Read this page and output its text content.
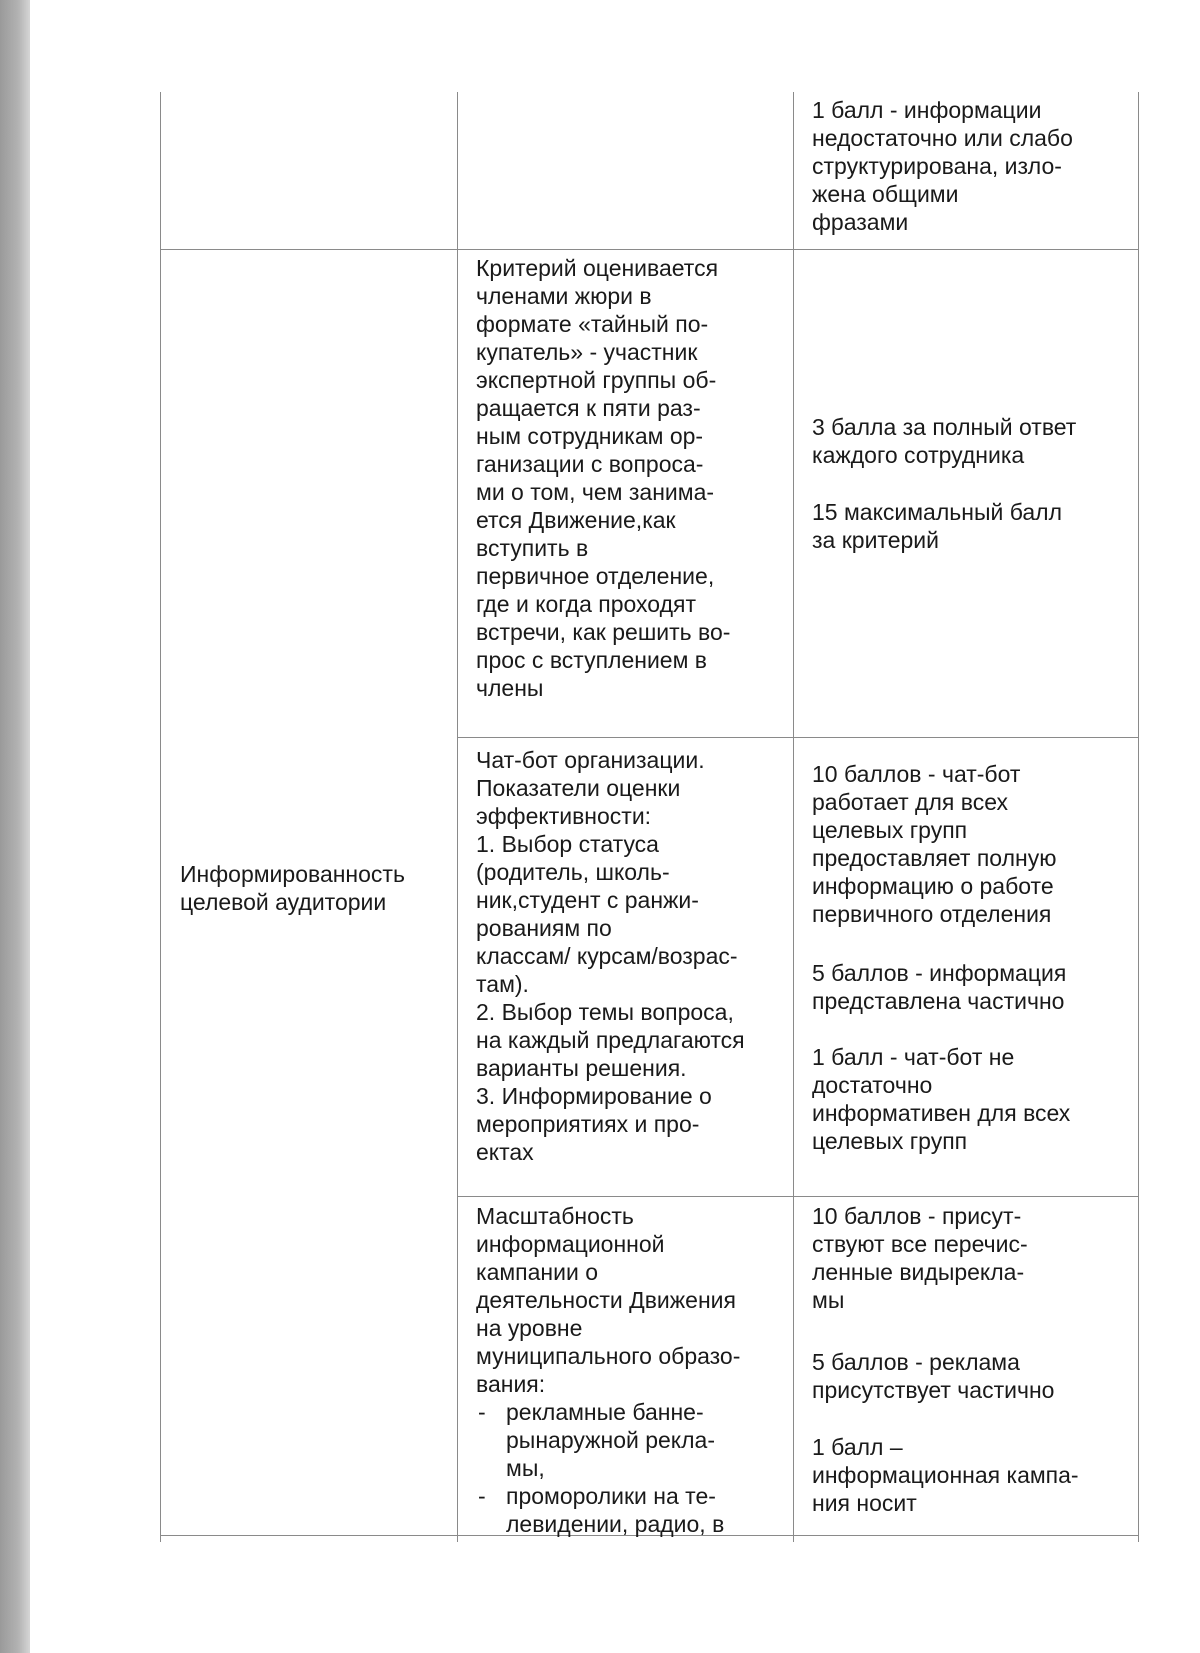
1 балл - информации
недостаточно или слабо
структурирована, изло-
жена общими
фразами
Информированность
целевой аудитории
Критерий оценивается
членами жюри в
формате «тайный по-
купатель» - участник
экспертной группы об-
ращается к пяти раз-
ным сотрудникам ор-
ганизации с вопроса-
ми о том, чем занима-
ется Движение,как
вступить в
первичное отделение,
где и когда проходят
встречи, как решить во-
прос с вступлением в
члены
3 балла за полный ответ
каждого сотрудника
15 максимальный балл
за критерий
Чат-бот организации.
Показатели оценки
эффективности:
1. Выбор статуса
(родитель, школь-
ник,студент с ранжи-
рованиям по
классам/ курсам/возрас-
там).
2. Выбор темы вопроса,
на каждый предлагаются
варианты решения.
3. Информирование о
мероприятиях и про-
ектах
10 баллов - чат-бот
работает для всех
целевых групп
предоставляет полную
информацию о работе
первичного отделения
5 баллов - информация
представлена частично
1 балл - чат-бот не
достаточно
информативен для всех
целевых групп
Масштабность
информационной
кампании о
деятельности Движения
на уровне
муниципального образо-
вания:
- рекламные банне-
рынаружной рекла-
мы,
- проморолики на те-
левидении, радио, в
10 баллов - присут-
ствуют все перечис-
ленные видырекла-
мы
5 баллов - реклама
присутствует частично
1 балл –
информационная кампа-
ния носит
